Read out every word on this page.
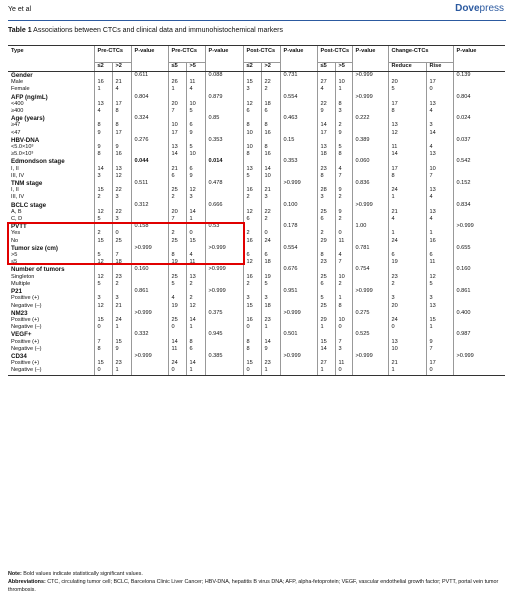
Ye et al	Dovepress
Table 1 Associations between CTCs and clinical data and immunohistochemical markers
Type	Pre-CTCs		P-value	Pre-CTCs		P-value	Post-CTCs		P-value	Post-CTCs		P-value	Change-CTCs		P-value
	≤2	>2		≤5	>5		≤2	>2		≤5	>5		Reduce	Rise	
Gender			0.611			0.088			0.731			>0.999			0.139
Male	16	21		26	11		15	22		27	10		20	17	
Female	1	4		1	4		3	2		4	1		5	0	
AFP (ng/mL)			0.804			0.879			0.554			>0.999			0.804
<400	13	17		20	10		12	18		22	8		17	13	
≥400	4	8		7	5		6	6		9	3		8	4	
Age (years)			0.324			0.85			0.463			0.222			0.024
≥47	8	8		10	6		8	8		14	2		13	3	
<47	9	17		17	9		10	16		17	9		12	14	
HBV-DNA			0.276			0.353			0.15			0.389			0.037
<5.0×10³	9	9		13	5		10	8		13	5		11	4	
≥5.0×10³	8	16		14	10		8	16		18	8		14	13	
Edmondson stage			0.044			0.014			0.353			0.060			0.542
I, II	14	13		21	6		13	14		23	4		17	10	
III, IV	3	12		6	9		5	10		8	7		8	7	
TNM stage			0.511			0.478			>0.999			0.836			0.152
I, II	15	22		25	12		16	21		28	9		24	13	
III, IV	2	3		2	3		2	3		3	2		1	4	
BCLC stage			0.312			0.666			0.100			>0.999			0.834
A, B	12	22		20	14		12	22		25	9		21	13	
C, D	5	3		7	1		6	2		6	2		4	4	
PVTT			0.158			0.53			0.178			1.00			>0.999
Yes	2	0		2	0		2	0		2	0		1	1	
No	15	25		25	15		16	24		29	11		24	16	
Tumor size (cm)			>0.999			>0.999			0.554			0.781			0.655
>5	5	7		8	4		6	6		8	4		6	6	
≤5	12	18		19	11		12	18		23	7		19	11	
Number of tumors			0.160			>0.999			0.676			0.754			0.160
Singleton	12	23		25	13		16	19		25	10		23	12	
Multiple	5	2		5	2		2	5		6	2		2	5	
P21			0.861			>0.999			0.951			>0.999			0.861
Positive (+)	3	3		4	2		3	3		5	1		3	3	
Negative (–)	12	21		19	12		15	18		25	8		20	13	
NM23			>0.999			0.375			>0.999			0.275			0.400
Positive (+)	15	24		25	14		16	23		29	10		24	15	
Negative (–)	0	1		0	1		0	1		1	0		0	1	
VEGF+			0.332			0.945			0.501			0.525			0.987
Positive (+)	7	15		14	8		8	14		15	7		13	9	
Negative (–)	8	9		11	6		8	9		14	3		10	7	
CD34			>0.999			0.385			>0.999			>0.999			>0.999
Positive (+)	15	23		24	14		15	23		27	11		21	17	
Negative (–)	0	1		0	1		0	1		1	0		1	0	
Note: Bold values indicate statistically significant values.
Abbreviations: CTC, circulating tumor cell; BCLC, Barcelona Clinic Liver Cancer; HBV-DNA, hepatitis B virus DNA; AFP, alpha-fetoprotein; VEGF, vascular endothelial growth factor; PVTT, portal vein tumor thrombosis.
